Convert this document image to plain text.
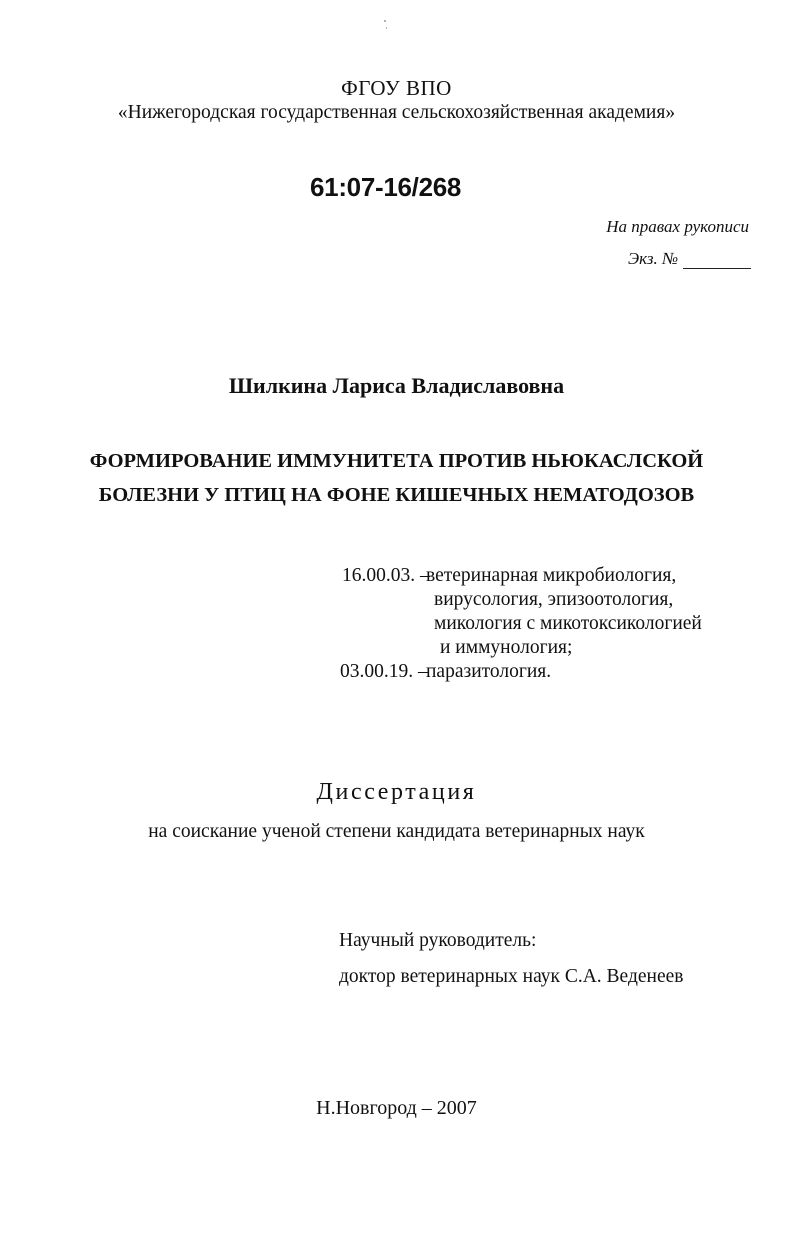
ФГОУ ВПО
«Нижегородская государственная сельскохозяйственная академия»
61:07-16/268
На правах рукописи
Экз. №
Шилкина Лариса Владиславовна
ФОРМИРОВАНИЕ ИММУНИТЕТА ПРОТИВ НЬЮКАСЛСКОЙ
БОЛЕЗНИ У ПТИЦ НА ФОНЕ КИШЕЧНЫХ НЕМАТОДОЗОВ
16.00.03. –
ветеринарная микробиология,
вирусология, эпизоотология,
микология с микотоксикологией
и иммунология;
03.00.19. –
паразитология.
Диссертация
на соискание ученой степени кандидата ветеринарных наук
Научный руководитель:
доктор ветеринарных наук С.А. Веденеев
Н.Новгород – 2007
